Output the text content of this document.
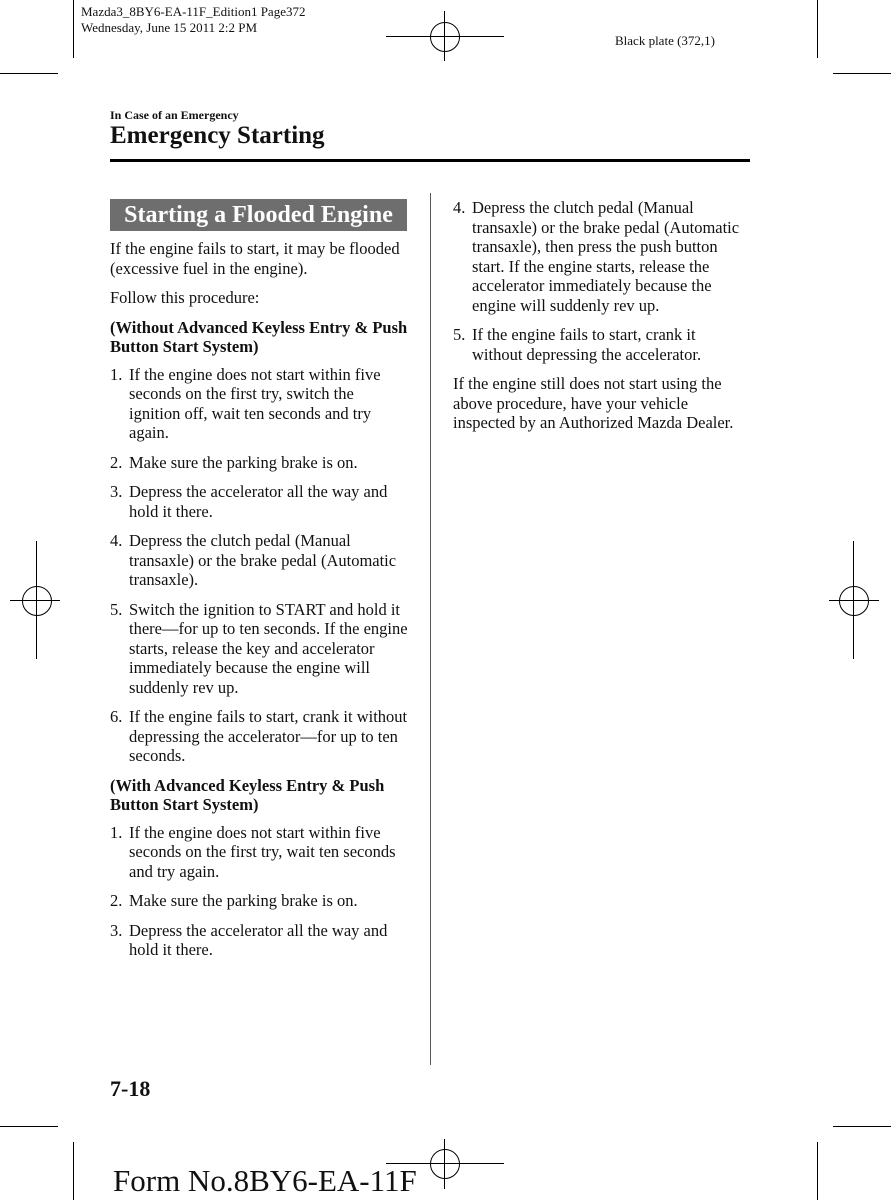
Mazda3_8BY6-EA-11F_Edition1 Page372
Wednesday, June 15 2011 2:2 PM
Black plate (372,1)
In Case of an Emergency
Emergency Starting
Starting a Flooded Engine

If the engine fails to start, it may be flooded (excessive fuel in the engine).

Follow this procedure:

(Without Advanced Keyless Entry & Push Button Start System)

1. If the engine does not start within five seconds on the first try, switch the ignition off, wait ten seconds and try again.
2. Make sure the parking brake is on.
3. Depress the accelerator all the way and hold it there.
4. Depress the clutch pedal (Manual transaxle) or the brake pedal (Automatic transaxle).
5. Switch the ignition to START and hold it there―for up to ten seconds. If the engine starts, release the key and accelerator immediately because the engine will suddenly rev up.
6. If the engine fails to start, crank it without depressing the accelerator―for up to ten seconds.

(With Advanced Keyless Entry & Push Button Start System)

1. If the engine does not start within five seconds on the first try, wait ten seconds and try again.
2. Make sure the parking brake is on.
3. Depress the accelerator all the way and hold it there.
4. Depress the clutch pedal (Manual transaxle) or the brake pedal (Automatic transaxle), then press the push button start. If the engine starts, release the accelerator immediately because the engine will suddenly rev up.
5. If the engine fails to start, crank it without depressing the accelerator.

If the engine still does not start using the above procedure, have your vehicle inspected by an Authorized Mazda Dealer.

7-18
Form No.8BY6-EA-11F
